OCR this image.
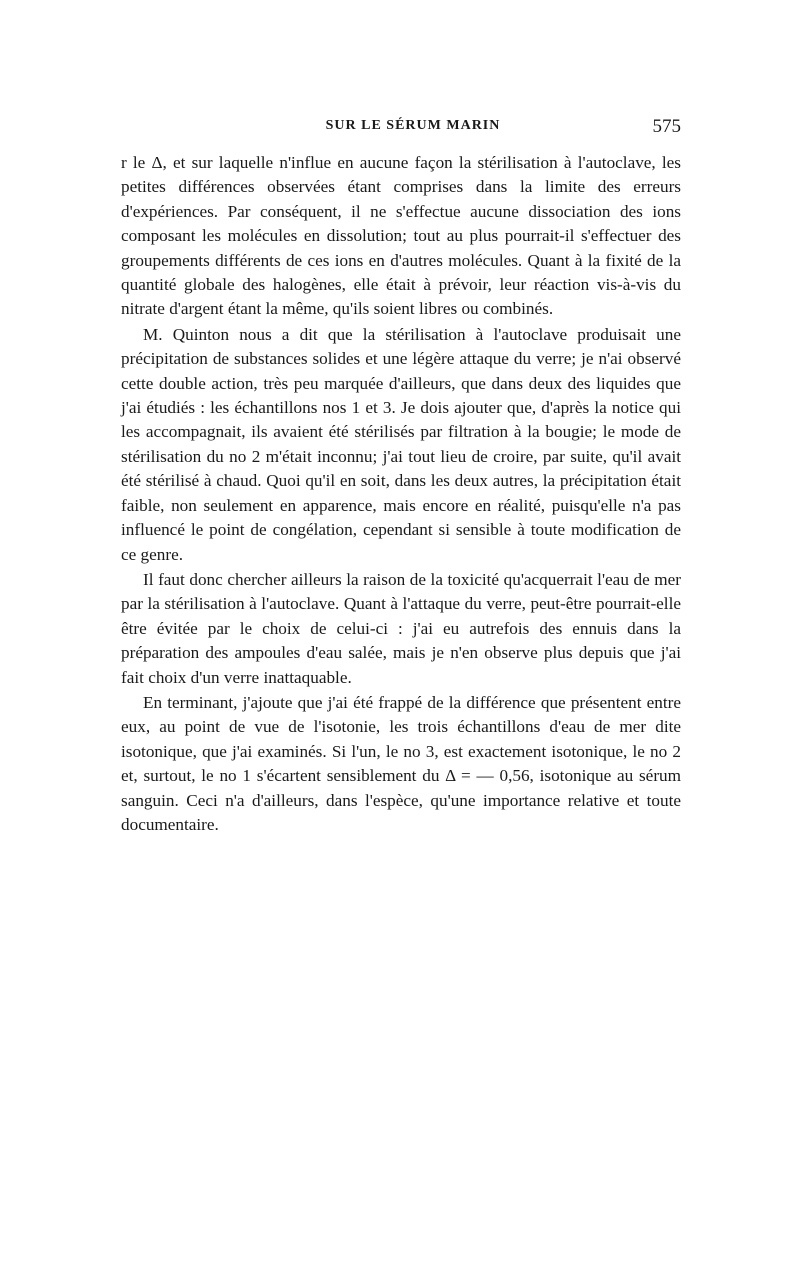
SUR LE SÉRUM MARIN	575

r le Δ, et sur laquelle n'influe en aucune façon la stérilisation à l'autoclave, les petites différences observées étant comprises dans la limite des erreurs d'expériences. Par conséquent, il ne s'effectue aucune dissociation des ions composant les molécules en dissolution; tout au plus pourrait-il s'effectuer des groupements différents de ces ions en d'autres molécules. Quant à la fixité de la quantité globale des halogènes, elle était à prévoir, leur réaction vis-à-vis du nitrate d'argent étant la même, qu'ils soient libres ou combinés.

M. Quinton nous a dit que la stérilisation à l'autoclave produisait une précipitation de substances solides et une légère attaque du verre; je n'ai observé cette double action, très peu marquée d'ailleurs, que dans deux des liquides que j'ai étudiés : les échantillons nos 1 et 3. Je dois ajouter que, d'après la notice qui les accompagnait, ils avaient été stérilisés par filtration à la bougie; le mode de stérilisation du no 2 m'était inconnu; j'ai tout lieu de croire, par suite, qu'il avait été stérilisé à chaud. Quoi qu'il en soit, dans les deux autres, la précipitation était faible, non seulement en apparence, mais encore en réalité, puisqu'elle n'a pas influencé le point de congélation, cependant si sensible à toute modification de ce genre.

Il faut donc chercher ailleurs la raison de la toxicité qu'acquerrait l'eau de mer par la stérilisation à l'autoclave. Quant à l'attaque du verre, peut-être pourrait-elle être évitée par le choix de celui-ci : j'ai eu autrefois des ennuis dans la préparation des ampoules d'eau salée, mais je n'en observe plus depuis que j'ai fait choix d'un verre inattaquable.

En terminant, j'ajoute que j'ai été frappé de la différence que présentent entre eux, au point de vue de l'isotonie, les trois échantillons d'eau de mer dite isotonique, que j'ai examinés. Si l'un, le no 3, est exactement isotonique, le no 2 et, surtout, le no 1 s'écartent sensiblement du Δ = — 0,56, isotonique au sérum sanguin. Ceci n'a d'ailleurs, dans l'espèce, qu'une importance relative et toute documentaire.
